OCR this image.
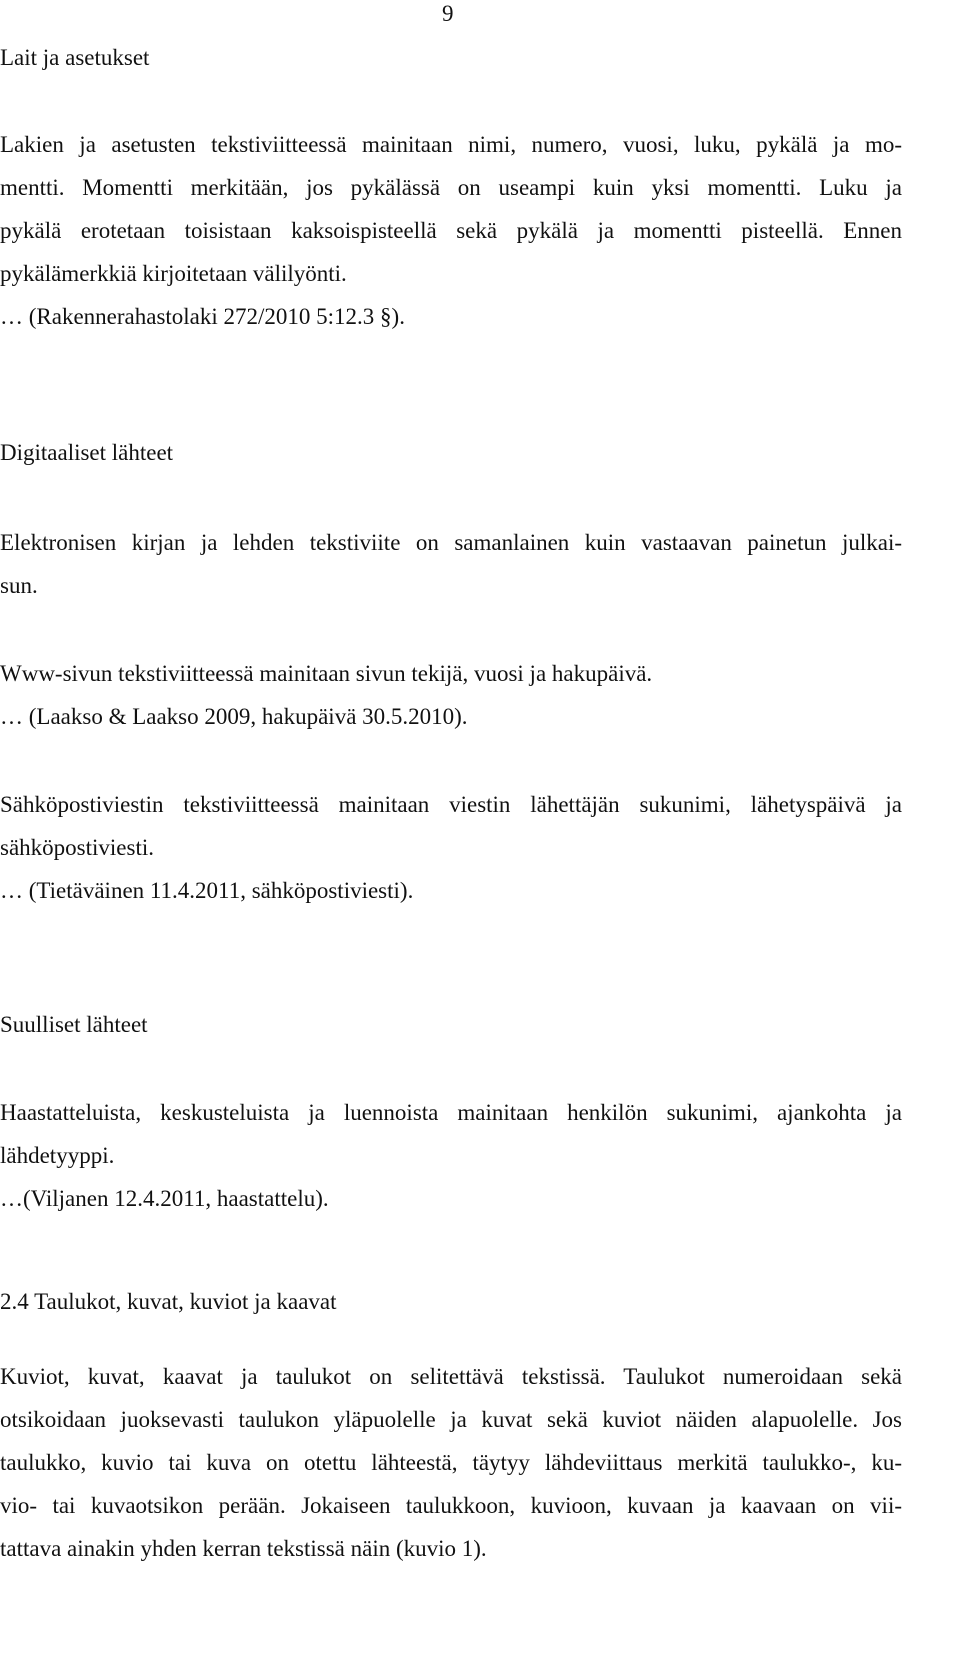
9
Lait ja asetukset
Lakien ja asetusten tekstiviitteessä mainitaan nimi, numero, vuosi, luku, pykälä ja mo-
mentti. Momentti merkitään, jos pykälässä on useampi kuin yksi momentti. Luku ja
pykälä erotetaan toisistaan kaksoispisteellä sekä pykälä ja momentti pisteellä. Ennen
pykälämerkkiä kirjoitetaan välilyönti.
… (Rakennerahastolaki 272/2010 5:12.3 §).
Digitaaliset lähteet
Elektronisen kirjan ja lehden tekstiviite on samanlainen kuin vastaavan painetun julkai-
sun.
Www-sivun tekstiviitteessä mainitaan sivun tekijä, vuosi ja hakupäivä.
… (Laakso & Laakso 2009, hakupäivä 30.5.2010).
Sähköpostiviestin tekstiviitteessä mainitaan viestin lähettäjän sukunimi, lähetyspäivä ja
sähköpostiviesti.
… (Tietäväinen 11.4.2011, sähköpostiviesti).
Suulliset lähteet
Haastatteluista, keskusteluista ja luennoista mainitaan henkilön sukunimi, ajankohta ja
lähdetyyppi.
…(Viljanen 12.4.2011, haastattelu).
2.4 Taulukot, kuvat, kuviot ja kaavat
Kuviot, kuvat, kaavat ja taulukot on selitettävä tekstissä. Taulukot numeroidaan sekä
otsikoidaan juoksevasti taulukon yläpuolelle ja kuvat sekä kuviot näiden alapuolelle. Jos
taulukko, kuvio tai kuva on otettu lähteestä, täytyy lähdeviittaus merkitä taulukko-, ku-
vio- tai kuvaotsikon perään. Jokaiseen taulukkoon, kuvioon, kuvaan ja kaavaan on vii-
tattava ainakin yhden kerran tekstissä näin (kuvio 1).
